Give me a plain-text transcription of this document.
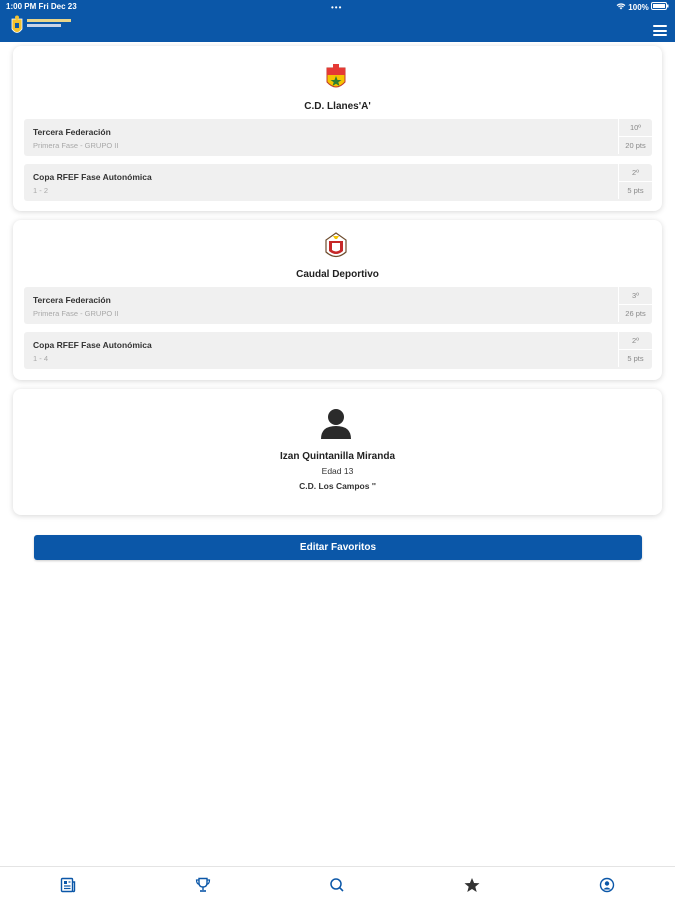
1:00 PM Fri Dec 23	•••	100%
C.D. Llanes'A'
Tercera Federación
Primera Fase - GRUPO II
10º
20 pts
Copa RFEF Fase Autonómica
1 - 2
2º
5 pts
Caudal Deportivo
Tercera Federación
Primera Fase - GRUPO II
3º
26 pts
Copa RFEF Fase Autonómica
1 - 4
2º
5 pts
Izan Quintanilla Miranda
Edad 13
C.D. Los Campos ''
Editar Favoritos
